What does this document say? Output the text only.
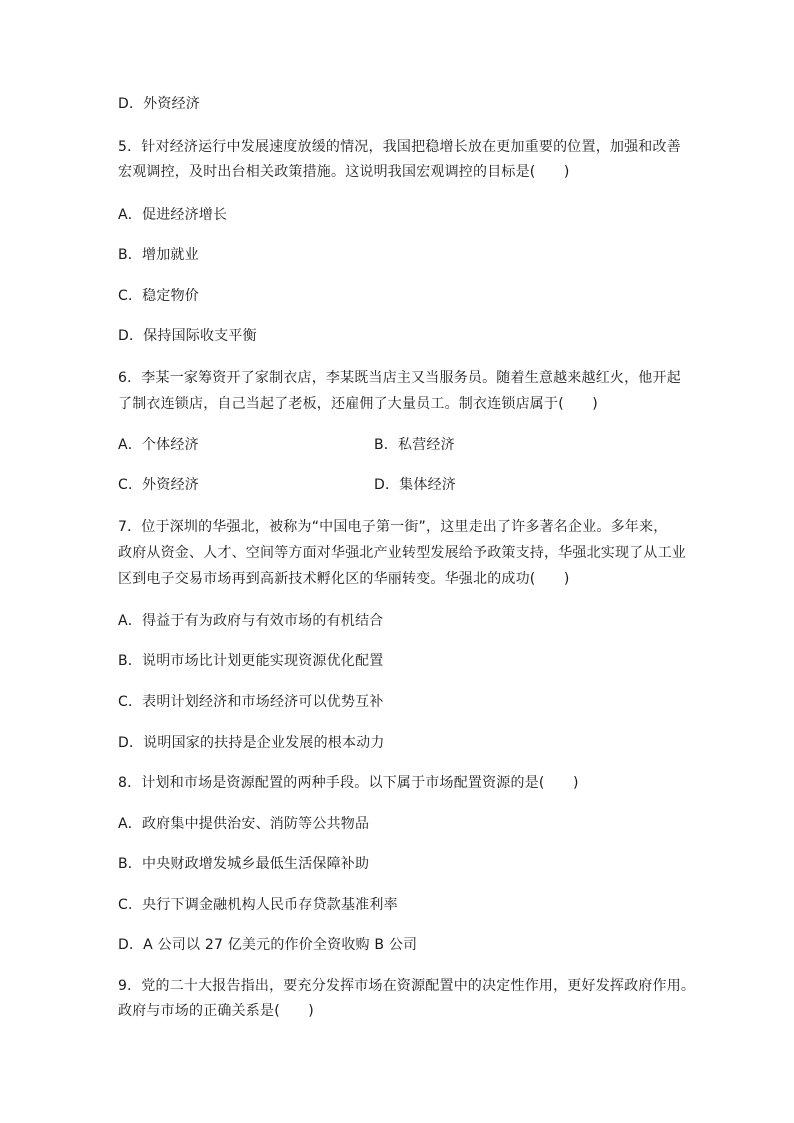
D．外资经济
5．针对经济运行中发展速度放缓的情况，我国把稳增长放在更加重要的位置，加强和改善
宏观调控，及时出台相关政策措施。这说明我国宏观调控的目标是(　　)
A．促进经济增长
B．增加就业
C．稳定物价
D．保持国际收支平衡
6．李某一家筹资开了家制衣店，李某既当店主又当服务员。随着生意越来越红火，他开起
了制衣连锁店，自己当起了老板，还雇佣了大量员工。制衣连锁店属于(　　)
A．个体经济	B．私营经济
C．外资经济	D．集体经济
7．位于深圳的华强北，被称为“中国电子第一街”，这里走出了许多著名企业。多年来，
政府从资金、人才、空间等方面对华强北产业转型发展给予政策支持，华强北实现了从工业
区到电子交易市场再到高新技术孵化区的华丽转变。华强北的成功(　　)
A．得益于有为政府与有效市场的有机结合
B．说明市场比计划更能实现资源优化配置
C．表明计划经济和市场经济可以优势互补
D．说明国家的扶持是企业发展的根本动力
8．计划和市场是资源配置的两种手段。以下属于市场配置资源的是(　　)
A．政府集中提供治安、消防等公共物品
B．中央财政增发城乡最低生活保障补助
C．央行下调金融机构人民币存贷款基准利率
D．A 公司以 27 亿美元的作价全资收购 B 公司
9．党的二十大报告指出，要充分发挥市场在资源配置中的决定性作用，更好发挥政府作用。
政府与市场的正确关系是(　　)
